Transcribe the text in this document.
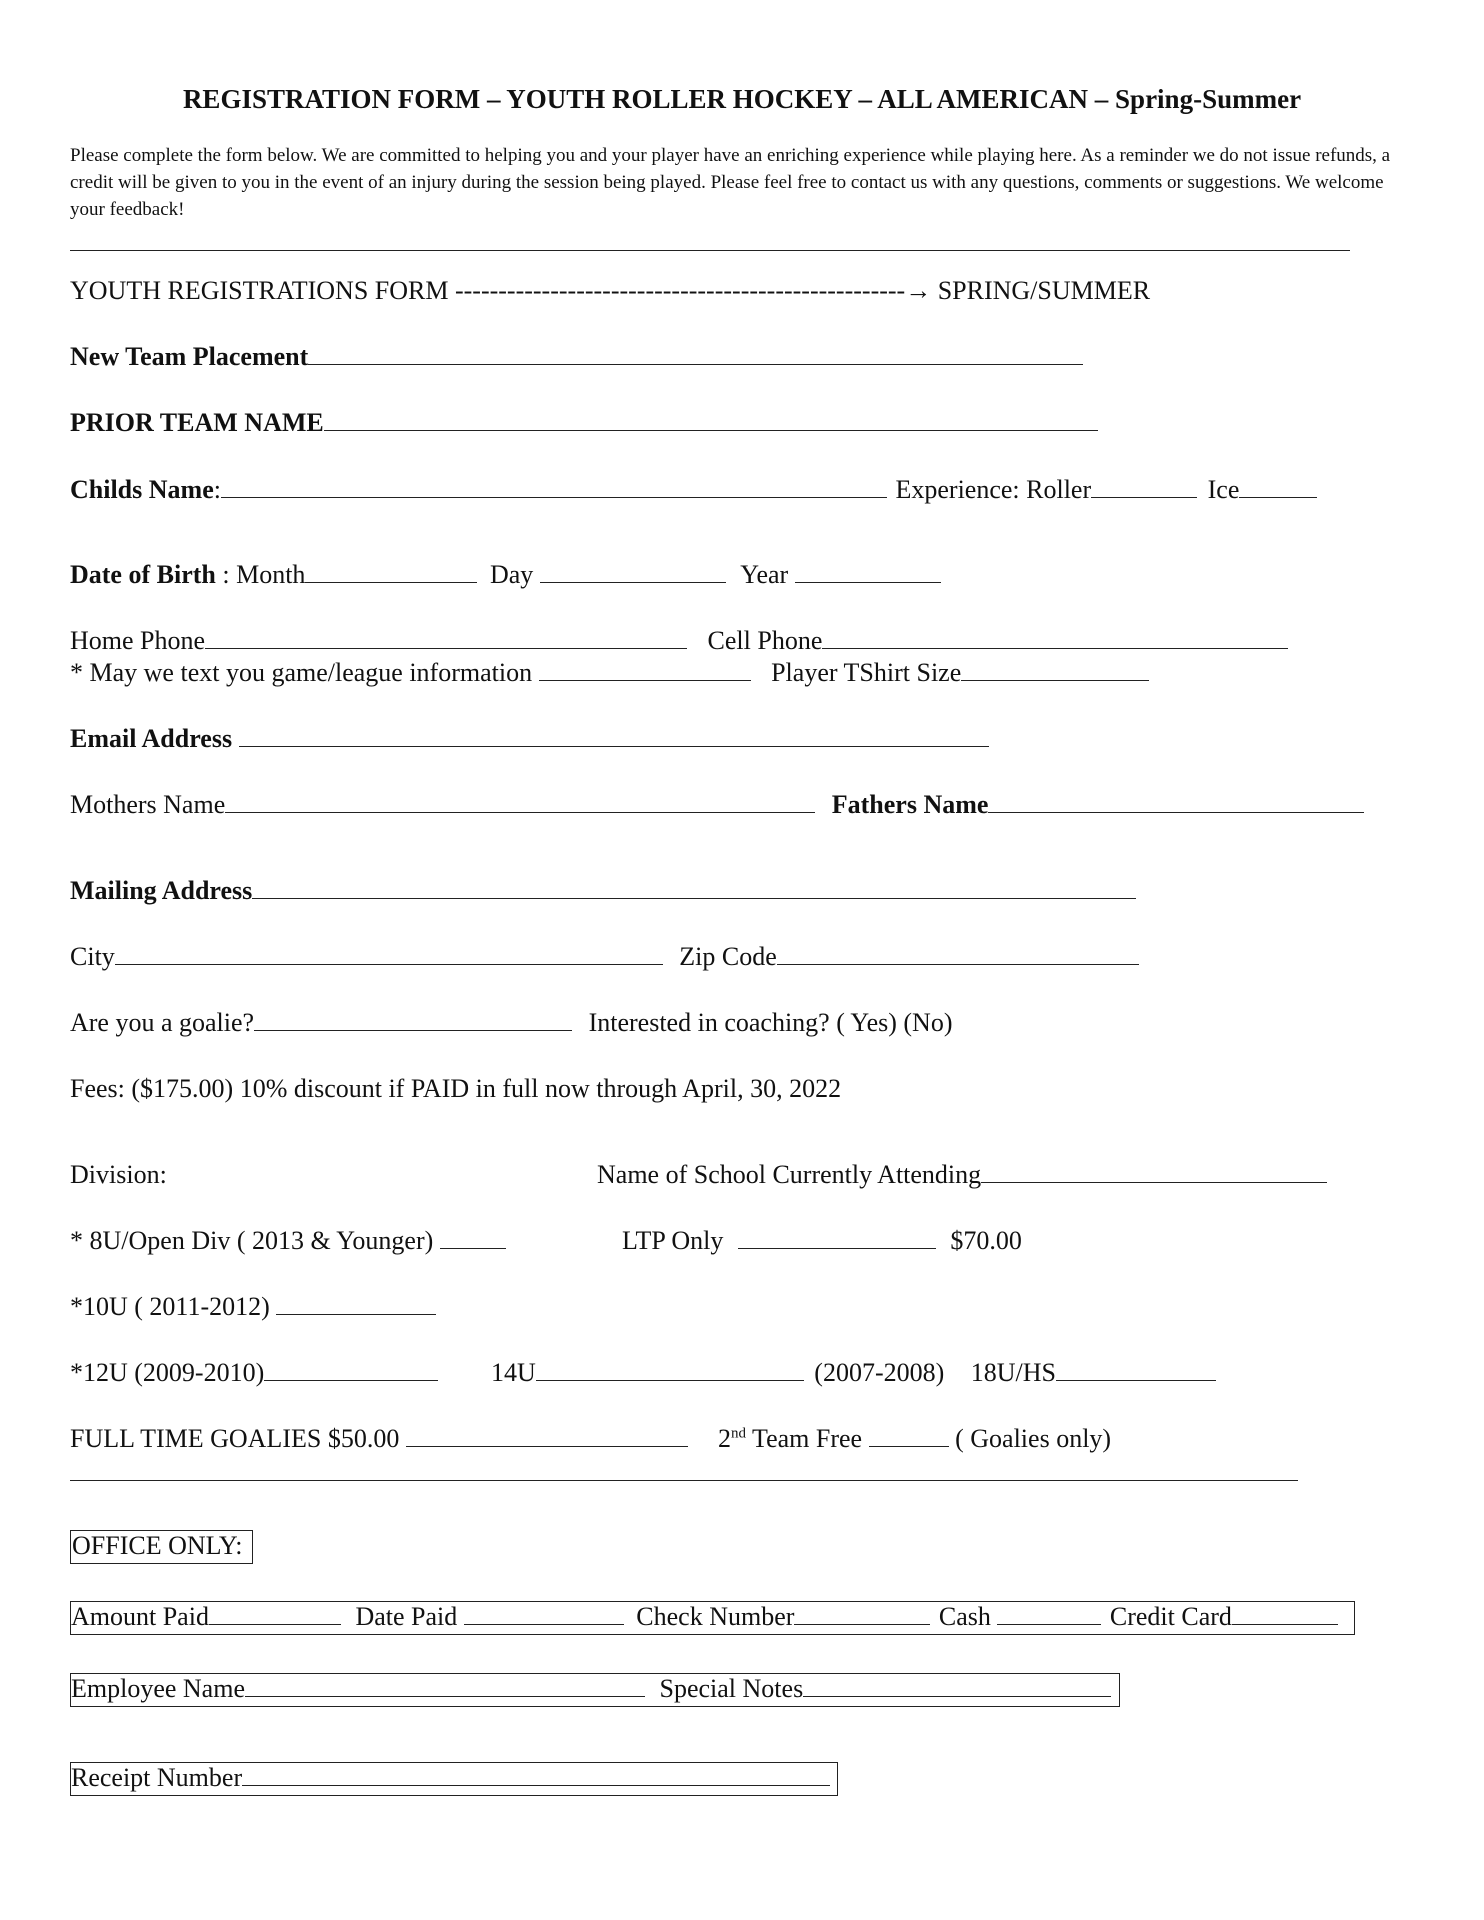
REGISTRATION FORM – YOUTH ROLLER HOCKEY – ALL AMERICAN – Spring-Summer
Please complete the form below. We are committed to helping you and your player have an enriching experience while playing here. As a reminder we do not issue refunds, a credit will be given to you in the event of an injury during the session being played. Please feel free to contact us with any questions, comments or suggestions. We welcome your feedback!
YOUTH REGISTRATIONS FORM ----------------------------------------------------→ SPRING/SUMMER
New Team Placement
PRIOR TEAM NAME
Childs Name:	Experience: Roller	Ice
Date of Birth : Month	Day	Year
Home Phone	Cell Phone
* May we text you game/league information	Player TShirt Size
Email Address
Mothers Name	Fathers Name
Mailing Address
City	Zip Code
Are you a goalie?	Interested in coaching? ( Yes) (No)
Fees: ($175.00) 10% discount if PAID in full now through April, 30, 2022
Division:	Name of School Currently Attending
* 8U/Open Div ( 2013 & Younger)	LTP Only	$70.00
*10U ( 2011-2012)
*12U (2009-2010)	14U	(2007-2008) 18U/HS
FULL TIME GOALIES $50.00	2nd Team Free	( Goalies only)
OFFICE ONLY:
Amount Paid	Date Paid	Check Number	Cash	Credit Card
Employee Name	Special Notes
Receipt Number
